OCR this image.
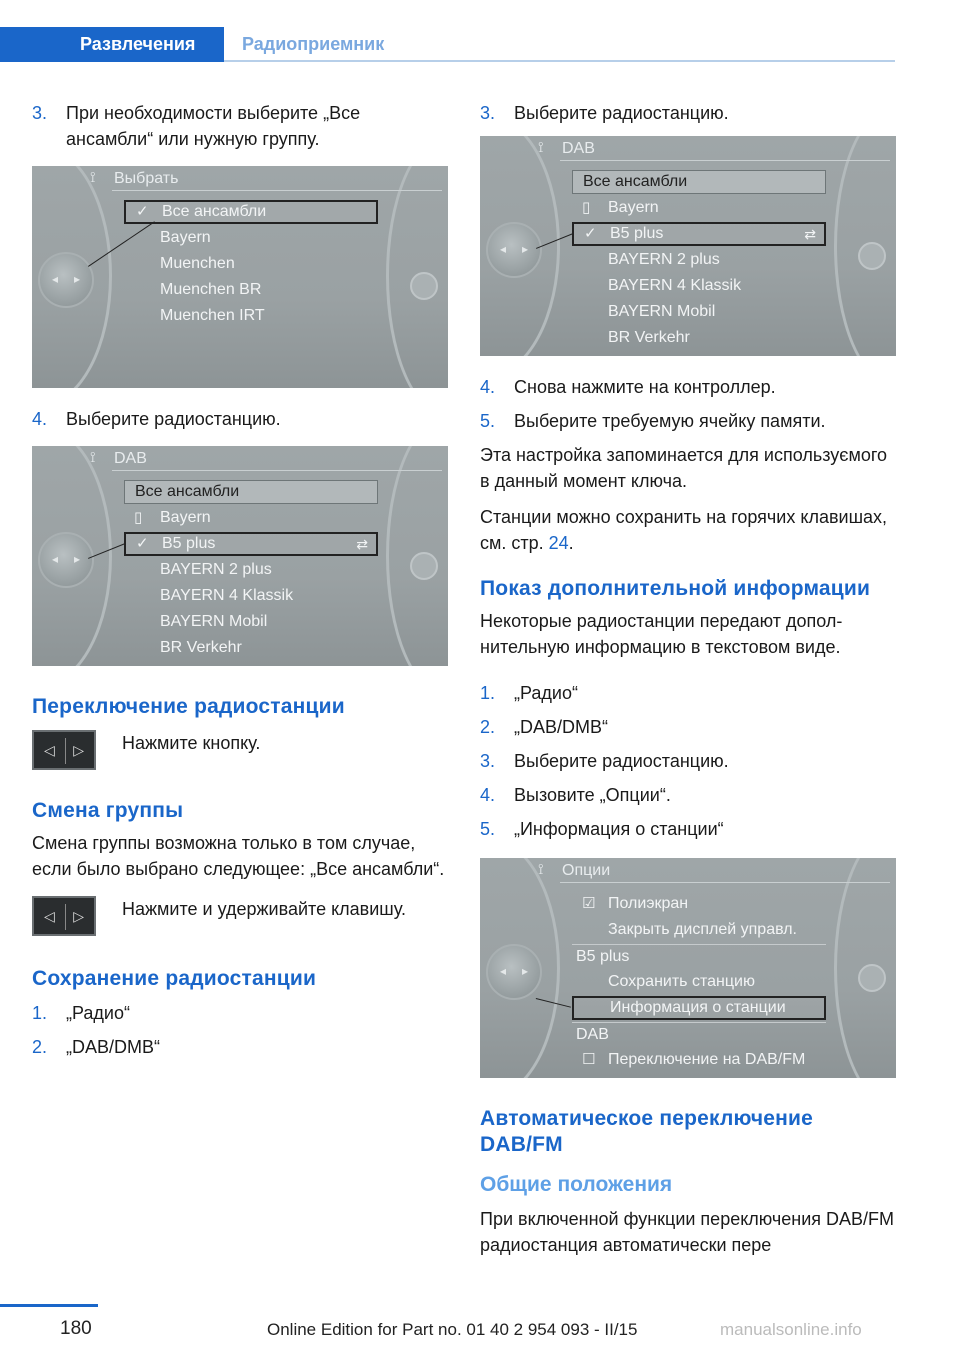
Развлечения	Радиоприемник
3. При необходимости выберите „Все ансамбли“ или нужную группу.
⟟ Выбрать
◂ ▸
✓ Все ансамбли
Bayern
Muenchen
Muenchen BR
Muenchen IRT
4. Выберите радиостанцию.
⟟ DAB
◂ ▸
Все ансамбли
▯ Bayern
✓ B5 plus	⇄
BAYERN 2 plus
BAYERN 4 Klassik
BAYERN Mobil
BR Verkehr
Переключение радиостанции
◁ ▷ Нажмите кнопку.
Смена группы

Смена группы возможна только в том случае, если было выбрано следующее: „Все ансамбли“.

◁ ▷ Нажмите и удерживайте клавишу.
Сохранение радиостанции
1. „Радио“
2. „DAB/DMB“
3. Выберите радиостанцию.
⟟ DAB
◂ ▸
Все ансамбли
▯ Bayern
✓ B5 plus	⇄
BAYERN 2 plus
BAYERN 4 Klassik
BAYERN Mobil
BR Verkehr
4. Снова нажмите на контроллер.
5. Выберите требуемую ячейку памяти.

Эта настройка запоминается для используємого в данный момент ключа.

Станции можно сохранить на горячих клавишах, см. стр. 24.

Показ дополнительной информации

Некоторые радиостанции передают дополнительную информацию в текстовом виде.

1. „Радио“
2. „DAB/DMB“
3. Выберите радиостанцию.
4. Вызовите „Опции“.
5. „Информация о станции“
⟟ Опции
◂ ▸
☑ Полиэкран
Закрыть дисплей управл.
B5 plus
Сохранить станцию
Информация о станции
DAB
☐ Переключение на DAB/FM
Автоматическое переключение DAB/FM
Общие положения

При включенной функции переключения DAB/FM радиостанция автоматически пере

180	Online Edition for Part no. 01 40 2 954 093 - II/15	manualsonline.info
